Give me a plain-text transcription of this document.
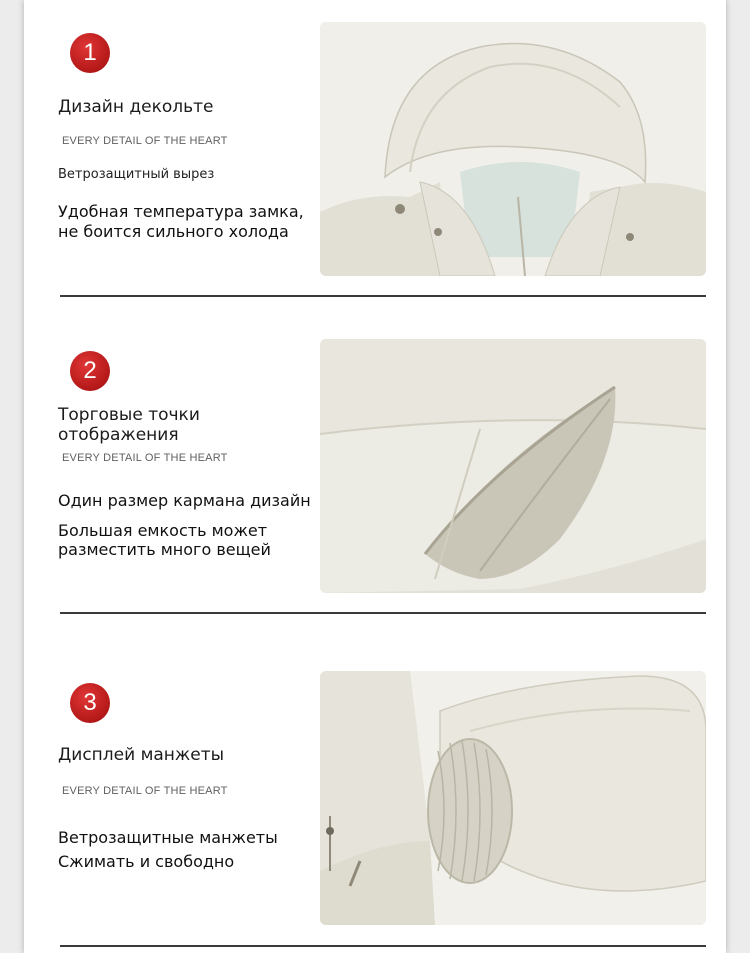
1
Дизайн декольте
EVERY DETAIL OF THE HEART
Ветрозащитный вырез
Удобная температура замка,
не боится сильного холода
2
Торговые точки
отображения
EVERY DETAIL OF THE HEART
Один размер кармана дизайн
Большая емкость может
разместить много вещей
3
Дисплей манжеты
EVERY DETAIL OF THE HEART
Ветрозащитные манжеты
Сжимать и свободно
